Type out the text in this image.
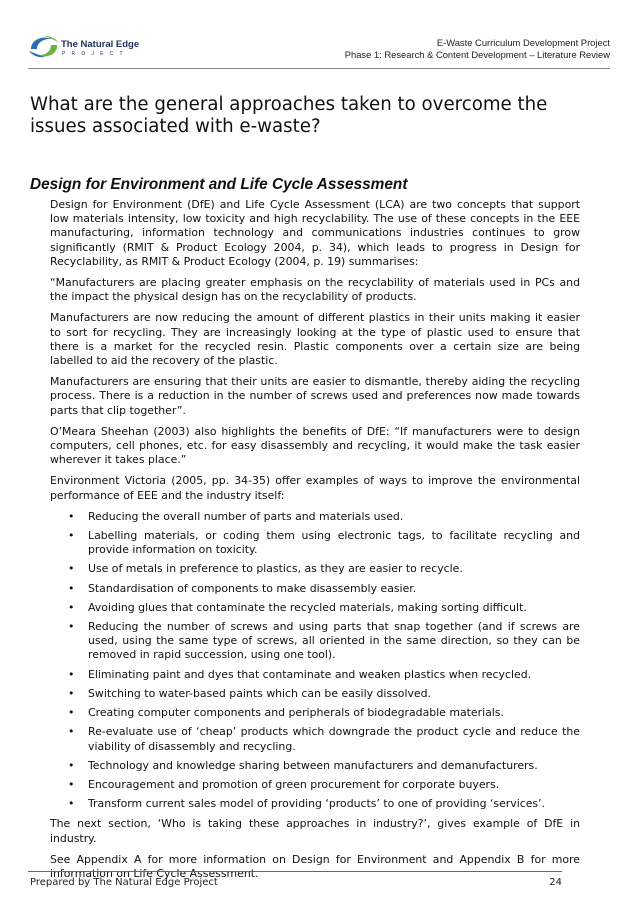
The Natural Edge
PROJECT
E-Waste Curriculum Development Project
Phase 1: Research & Content Development – Literature Review
What are the general approaches taken to overcome the issues associated with e-waste?
Design for Environment and Life Cycle Assessment

Design for Environment (DfE) and Life Cycle Assessment (LCA) are two concepts that support low materials intensity, low toxicity and high recyclability. The use of these concepts in the EEE manufacturing, information technology and communications industries continues to grow significantly (RMIT & Product Ecology 2004, p. 34), which leads to progress in Design for Recyclability, as RMIT & Product Ecology (2004, p. 19) summarises:

“Manufacturers are placing greater emphasis on the recyclability of materials used in PCs and the impact the physical design has on the recyclability of products.

Manufacturers are now reducing the amount of different plastics in their units making it easier to sort for recycling. They are increasingly looking at the type of plastic used to ensure that there is a market for the recycled resin. Plastic components over a certain size are being labelled to aid the recovery of the plastic.

Manufacturers are ensuring that their units are easier to dismantle, thereby aiding the recycling process. There is a reduction in the number of screws used and preferences now made towards parts that clip together”.

O’Meara Sheehan (2003) also highlights the benefits of DfE: “If manufacturers were to design computers, cell phones, etc. for easy disassembly and recycling, it would make the task easier wherever it takes place.”

Environment Victoria (2005, pp. 34-35) offer examples of ways to improve the environmental performance of EEE and the industry itself:

• Reducing the overall number of parts and materials used.
• Labelling materials, or coding them using electronic tags, to facilitate recycling and provide information on toxicity.
• Use of metals in preference to plastics, as they are easier to recycle.
• Standardisation of components to make disassembly easier.
• Avoiding glues that contaminate the recycled materials, making sorting difficult.
• Reducing the number of screws and using parts that snap together (and if screws are used, using the same type of screws, all oriented in the same direction, so they can be removed in rapid succession, using one tool).
• Eliminating paint and dyes that contaminate and weaken plastics when recycled.
• Switching to water-based paints which can be easily dissolved.
• Creating computer components and peripherals of biodegradable materials.
• Re-evaluate use of ‘cheap’ products which downgrade the product cycle and reduce the viability of disassembly and recycling.
• Technology and knowledge sharing between manufacturers and demanufacturers.
• Encouragement and promotion of green procurement for corporate buyers.
• Transform current sales model of providing ‘products’ to one of providing ‘services’.

The next section, ‘Who is taking these approaches in industry?’, gives example of DfE in industry.

See Appendix A for more information on Design for Environment and Appendix B for more information on Life Cycle Assessment.

Prepared by The Natural Edge Project	24
